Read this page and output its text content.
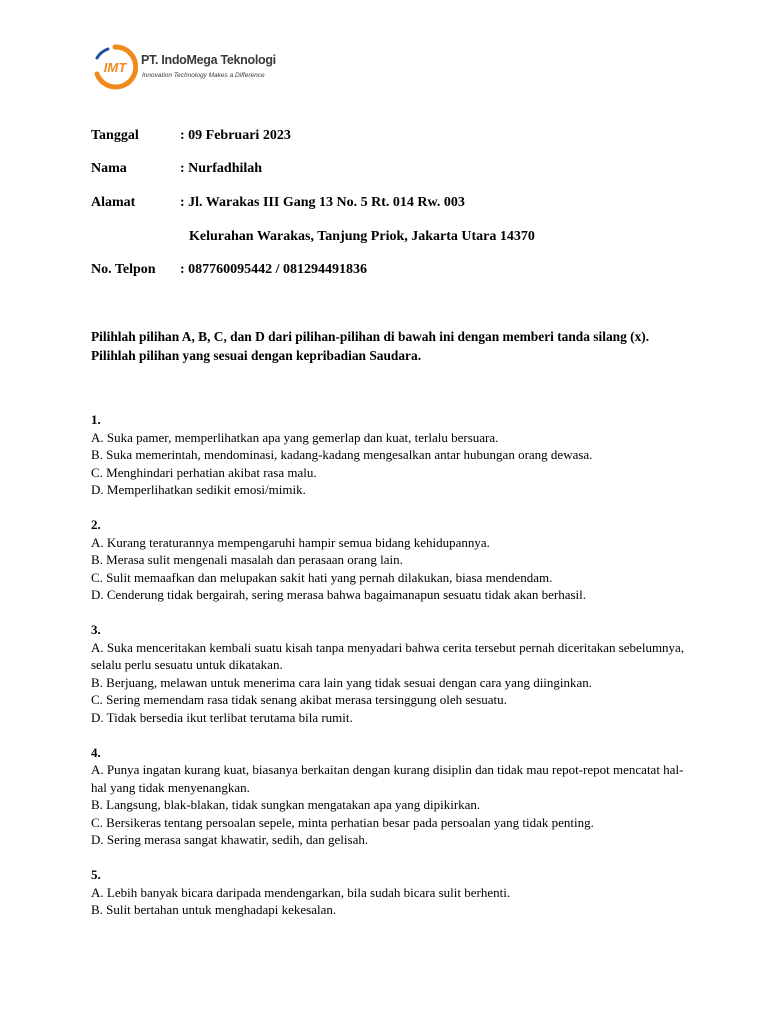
IMT PT. IndoMega Teknologi
Innovation Technology Makes a Difference
Tanggal	: 09 Februari 2023
Nama	: Nurfadhilah
Alamat	: Jl. Warakas III Gang 13 No. 5 Rt. 014 Rw. 003
Kelurahan Warakas, Tanjung Priok, Jakarta Utara 14370
No. Telpon : 087760095442 / 081294491836
Pilihlah pilihan A, B, C, dan D dari pilihan-pilihan di bawah ini dengan memberi tanda silang (x). Pilihlah pilihan yang sesuai dengan kepribadian Saudara.
1.
A. Suka pamer, memperlihatkan apa yang gemerlap dan kuat, terlalu bersuara.
B. Suka memerintah, mendominasi, kadang-kadang mengesalkan antar hubungan orang dewasa.
C. Menghindari perhatian akibat rasa malu.
D. Memperlihatkan sedikit emosi/mimik.
2.
A. Kurang teraturannya mempengaruhi hampir semua bidang kehidupannya.
B. Merasa sulit mengenali masalah dan perasaan orang lain.
C. Sulit memaafkan dan melupakan sakit hati yang pernah dilakukan, biasa mendendam.
D. Cenderung tidak bergairah, sering merasa bahwa bagaimanapun sesuatu tidak akan berhasil.
3.
A. Suka menceritakan kembali suatu kisah tanpa menyadari bahwa cerita tersebut pernah diceritakan sebelumnya, selalu perlu sesuatu untuk dikatakan.
B. Berjuang, melawan untuk menerima cara lain yang tidak sesuai dengan cara yang diinginkan.
C. Sering memendam rasa tidak senang akibat merasa tersinggung oleh sesuatu.
D. Tidak bersedia ikut terlibat terutama bila rumit.
4.
A. Punya ingatan kurang kuat, biasanya berkaitan dengan kurang disiplin dan tidak mau repot-repot mencatat hal-hal yang tidak menyenangkan.
B. Langsung, blak-blakan, tidak sungkan mengatakan apa yang dipikirkan.
C. Bersikeras tentang persoalan sepele, minta perhatian besar pada persoalan yang tidak penting.
D. Sering merasa sangat khawatir, sedih, dan gelisah.
5.
A. Lebih banyak bicara daripada mendengarkan, bila sudah bicara sulit berhenti.
B. Sulit bertahan untuk menghadapi kekesalan.
